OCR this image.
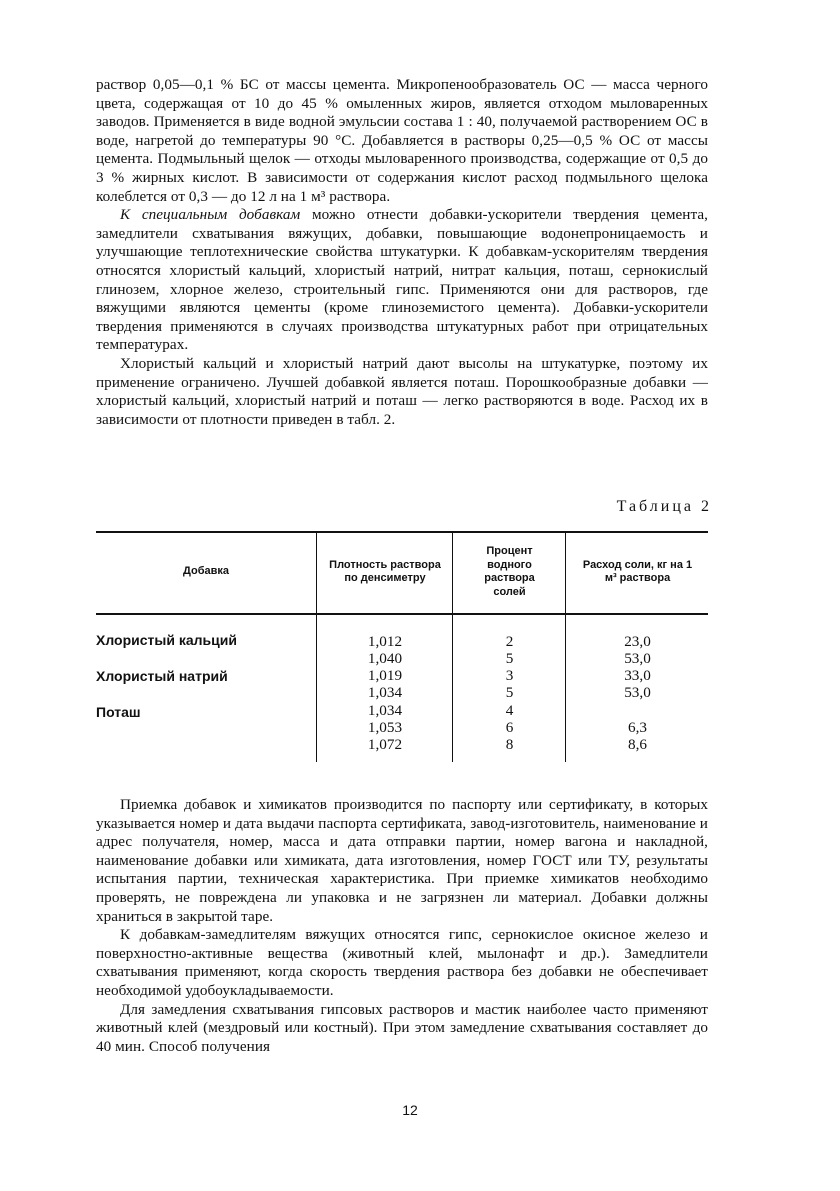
раствор 0,05—0,1 % БС от массы цемента. Микропенообразователь ОС — масса черного цвета, содержащая от 10 до 45 % омыленных жиров, является отходом мыловаренных заводов. Применяется в виде водной эмульсии состава 1 : 40, получаемой растворением ОС в воде, нагретой до температуры 90 °С. Добавляется в растворы 0,25—0,5 % ОС от массы цемента. Подмыльный щелок — отходы мыловаренного производства, содержащие от 0,5 до 3 % жирных кислот. В зависимости от содержания кислот расход подмыльного щелока колеблется от 0,3 — до 12 л на 1 м³ раствора.

К специальным добавкам можно отнести добавки-ускорители твердения цемента, замедлители схватывания вяжущих, добавки, повышающие водонепроницаемость и улучшающие теплотехнические свойства штукатурки. К добавкам-ускорителям твердения относятся хлористый кальций, хлористый натрий, нитрат кальция, поташ, сернокислый глинозем, хлорное железо, строительный гипс. Применяются они для растворов, где вяжущими являются цементы (кроме глиноземистого цемента). Добавки-ускорители твердения применяются в случаях производства штукатурных работ при отрицательных температурах.

Хлористый кальций и хлористый натрий дают высолы на штукатурке, поэтому их применение ограничено. Лучшей добавкой является поташ. Порошкообразные добавки — хлористый кальций, хлористый натрий и поташ — легко растворяются в воде. Расход их в зависимости от плотности приведен в табл. 2.

Таблица 2
Добавка
Плотность раствора по денсиметру
Процент водного раствора солей
Расход соли, кг на 1 м³ раствора
Хлористый кальций
Хлористый натрий
Поташ
1,012
1,040
1,019
1,034
1,034
1,053
1,072
2
5
3
5
4
6
8
23,0
53,0
33,0
53,0
6,3
8,6

Приемка добавок и химикатов производится по паспорту или сертификату, в которых указывается номер и дата выдачи паспорта сертификата, завод-изготовитель, наименование и адрес получателя, номер, масса и дата отправки партии, номер вагона и накладной, наименование добавки или химиката, дата изготовления, номер ГОСТ или ТУ, результаты испытания партии, техническая характеристика. При приемке химикатов необходимо проверять, не повреждена ли упаковка и не загрязнен ли материал. Добавки должны храниться в закрытой таре.

К добавкам-замедлителям вяжущих относятся гипс, сернокислое окисное железо и поверхностно-активные вещества (животный клей, мылонафт и др.). Замедлители схватывания применяют, когда скорость твердения раствора без добавки не обеспечивает необходимой удобоукладываемости.

Для замедления схватывания гипсовых растворов и мастик наиболее часто применяют животный клей (мездровый или костный). При этом замедление схватывания составляет до 40 мин. Способ получения

12
